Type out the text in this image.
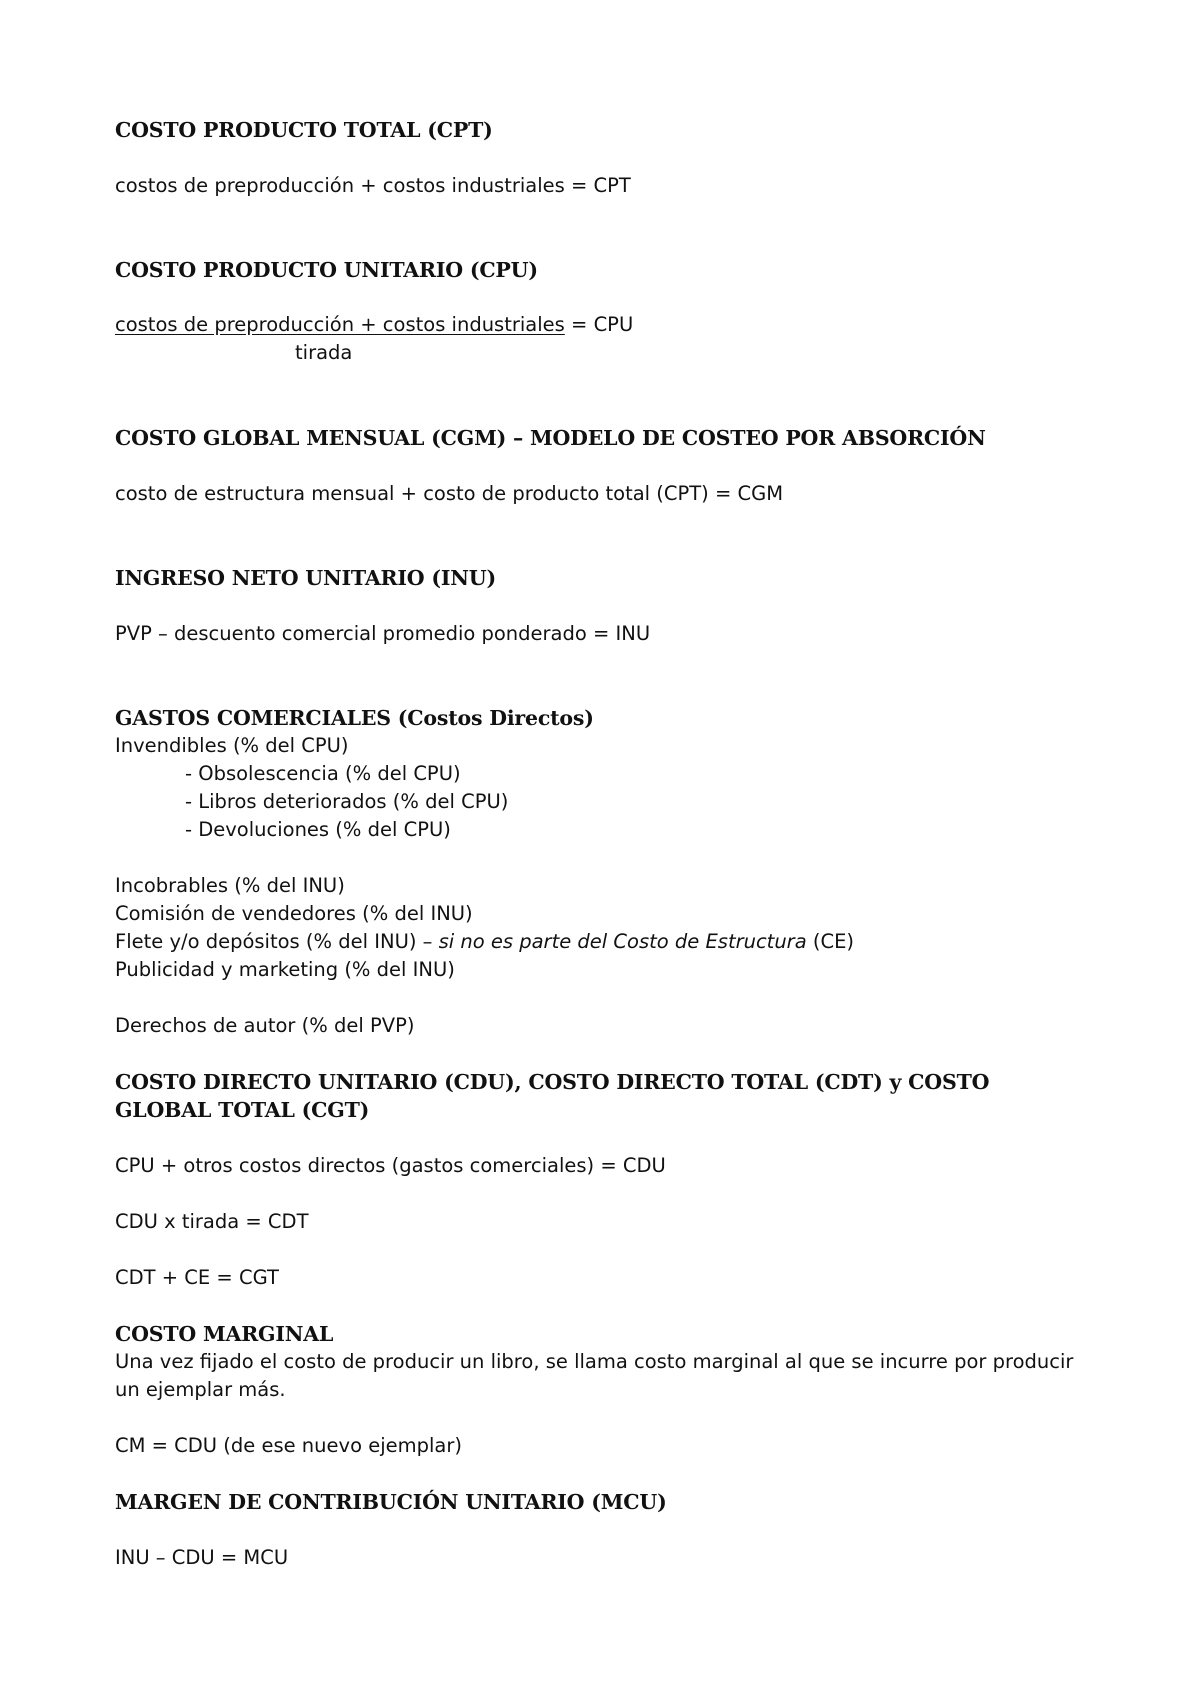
COSTO PRODUCTO TOTAL (CPT)

costos de preproducción + costos industriales = CPT

COSTO PRODUCTO UNITARIO (CPU)

costos de preproducción + costos industriales = CPU

tirada

COSTO GLOBAL MENSUAL (CGM) – MODELO DE COSTEO POR ABSORCIÓN

costo de estructura mensual + costo de producto total (CPT) = CGM

INGRESO NETO UNITARIO (INU)

PVP – descuento comercial promedio ponderado = INU

GASTOS COMERCIALES (Costos Directos)

Invendibles (% del CPU)

- Obsolescencia (% del CPU)

- Libros deteriorados (% del CPU)

- Devoluciones (% del CPU)

Incobrables (% del INU)

Comisión de vendedores (% del INU)

Flete y/o depósitos (% del INU) – si no es parte del Costo de Estructura (CE)

Publicidad y marketing (% del INU)

Derechos de autor (% del PVP)

COSTO DIRECTO UNITARIO (CDU), COSTO DIRECTO TOTAL (CDT) y COSTO

GLOBAL TOTAL (CGT)

CPU + otros costos directos (gastos comerciales) = CDU

CDU x tirada = CDT

CDT + CE = CGT

COSTO MARGINAL

Una vez fijado el costo de producir un libro, se llama costo marginal al que se incurre por producir

un ejemplar más.

CM = CDU (de ese nuevo ejemplar)

MARGEN DE CONTRIBUCIÓN UNITARIO (MCU)

INU – CDU = MCU
